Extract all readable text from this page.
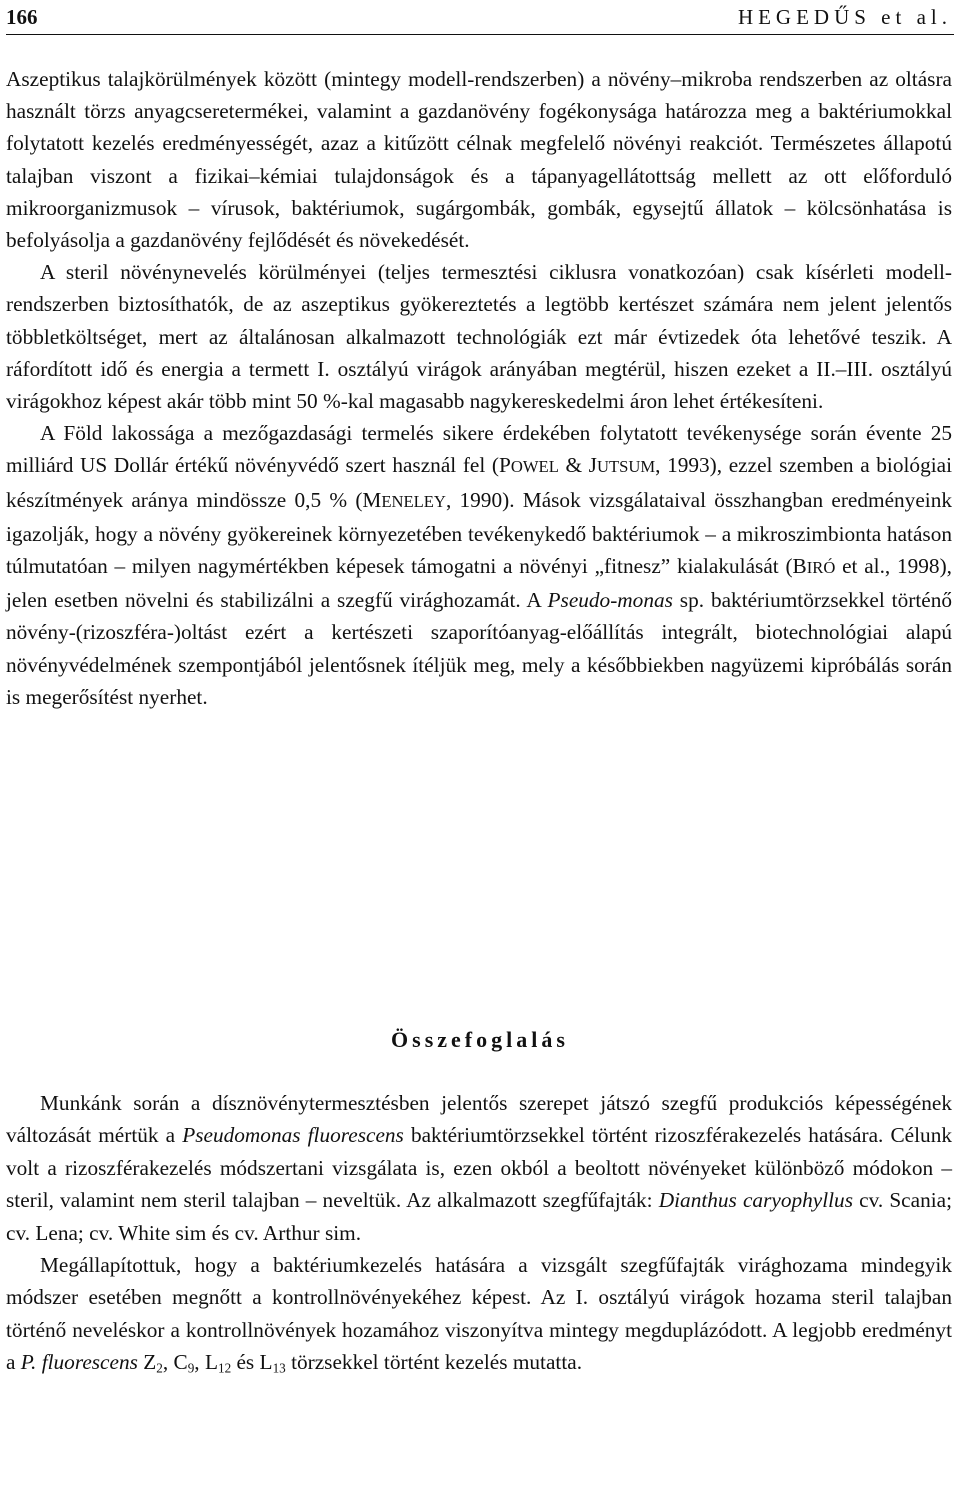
166	HEGEDŰS et al.

Aszeptikus talajkörülmények között (mintegy modell-rendszerben) a növény–mikroba rendszerben az oltásra használt törzs anyagcseretermékei, valamint a gazdanövény fogékonysága határozza meg a baktériumokkal folytatott kezelés eredményességét, azaz a kitűzött célnak megfelelő növényi reakciót. Természetes állapotú talajban viszont a fizikai–kémiai tulajdonságok és a tápanyagellátottság mellett az ott előforduló mikroorganizmusok – vírusok, baktériumok, sugárgombák, gombák, egysejtű állatok – kölcsönhatása is befolyásolja a gazdanövény fejlődését és növekedését.

A steril növénynevelés körülményei (teljes termesztési ciklusra vonatkozóan) csak kísérleti modell-rendszerben biztosíthatók, de az aszeptikus gyökereztetés a legtöbb kertészet számára nem jelent jelentős többletköltséget, mert az általánosan alkalmazott technológiák ezt már évtizedek óta lehetővé teszik. A ráfordított idő és energia a termett I. osztályú virágok arányában megtérül, hiszen ezeket a II.–III. osztályú virágokhoz képest akár több mint 50 %-kal magasabb nagykereskedelmi áron lehet értékesíteni.

A Föld lakossága a mezőgazdasági termelés sikere érdekében folytatott tevékenysége során évente 25 milliárd US Dollár értékű növényvédő szert használ fel (POWEL & JUTSUM, 1993), ezzel szemben a biológiai készítmények aránya mindössze 0,5 % (MENELEY, 1990). Mások vizsgálataival összhangban eredményeink igazolják, hogy a növény gyökereinek környezetében tevékenykedő baktériumok – a mikroszimbionta hatáson túlmutatóan – milyen nagymértékben képesek támogatni a növényi „fitnesz” kialakulását (BIRÓ et al., 1998), jelen esetben növelni és stabilizálni a szegfű virághozamát. A Pseudo-monas sp. baktériumtörzsekkel történő növény-(rizoszféra-)oltást ezért a kertészeti szaporítóanyag-előállítás integrált, biotechnológiai alapú növényvédelmének szempontjából jelentősnek ítéljük meg, mely a későbbiekben nagyüzemi kipróbálás során is megerősítést nyerhet.

Összefoglalás

Munkánk során a dísznövénytermesztésben jelentős szerepet játszó szegfű produkciós képességének változását mértük a Pseudomonas fluorescens baktériumtörzsekkel történt rizoszférakezelés hatására. Célunk volt a rizoszférakezelés módszertani vizsgálata is, ezen okból a beoltott növényeket különböző módokon – steril, valamint nem steril talajban – neveltük. Az alkalmazott szegfűfajták: Dianthus caryophyllus cv. Scania; cv. Lena; cv. White sim és cv. Arthur sim.

Megállapítottuk, hogy a baktériumkezelés hatására a vizsgált szegfűfajták virághozama mindegyik módszer esetében megnőtt a kontrollnövényekéhez képest. Az I. osztályú virágok hozama steril talajban történő neveléskor a kontrollnövények hozamához viszonyítva mintegy megduplázódott. A legjobb eredményt a P. fluorescens $Z_2$, $C_9$, $L_{12}$ és $L_{13}$ törzsekkel történt kezelés mutatta.
